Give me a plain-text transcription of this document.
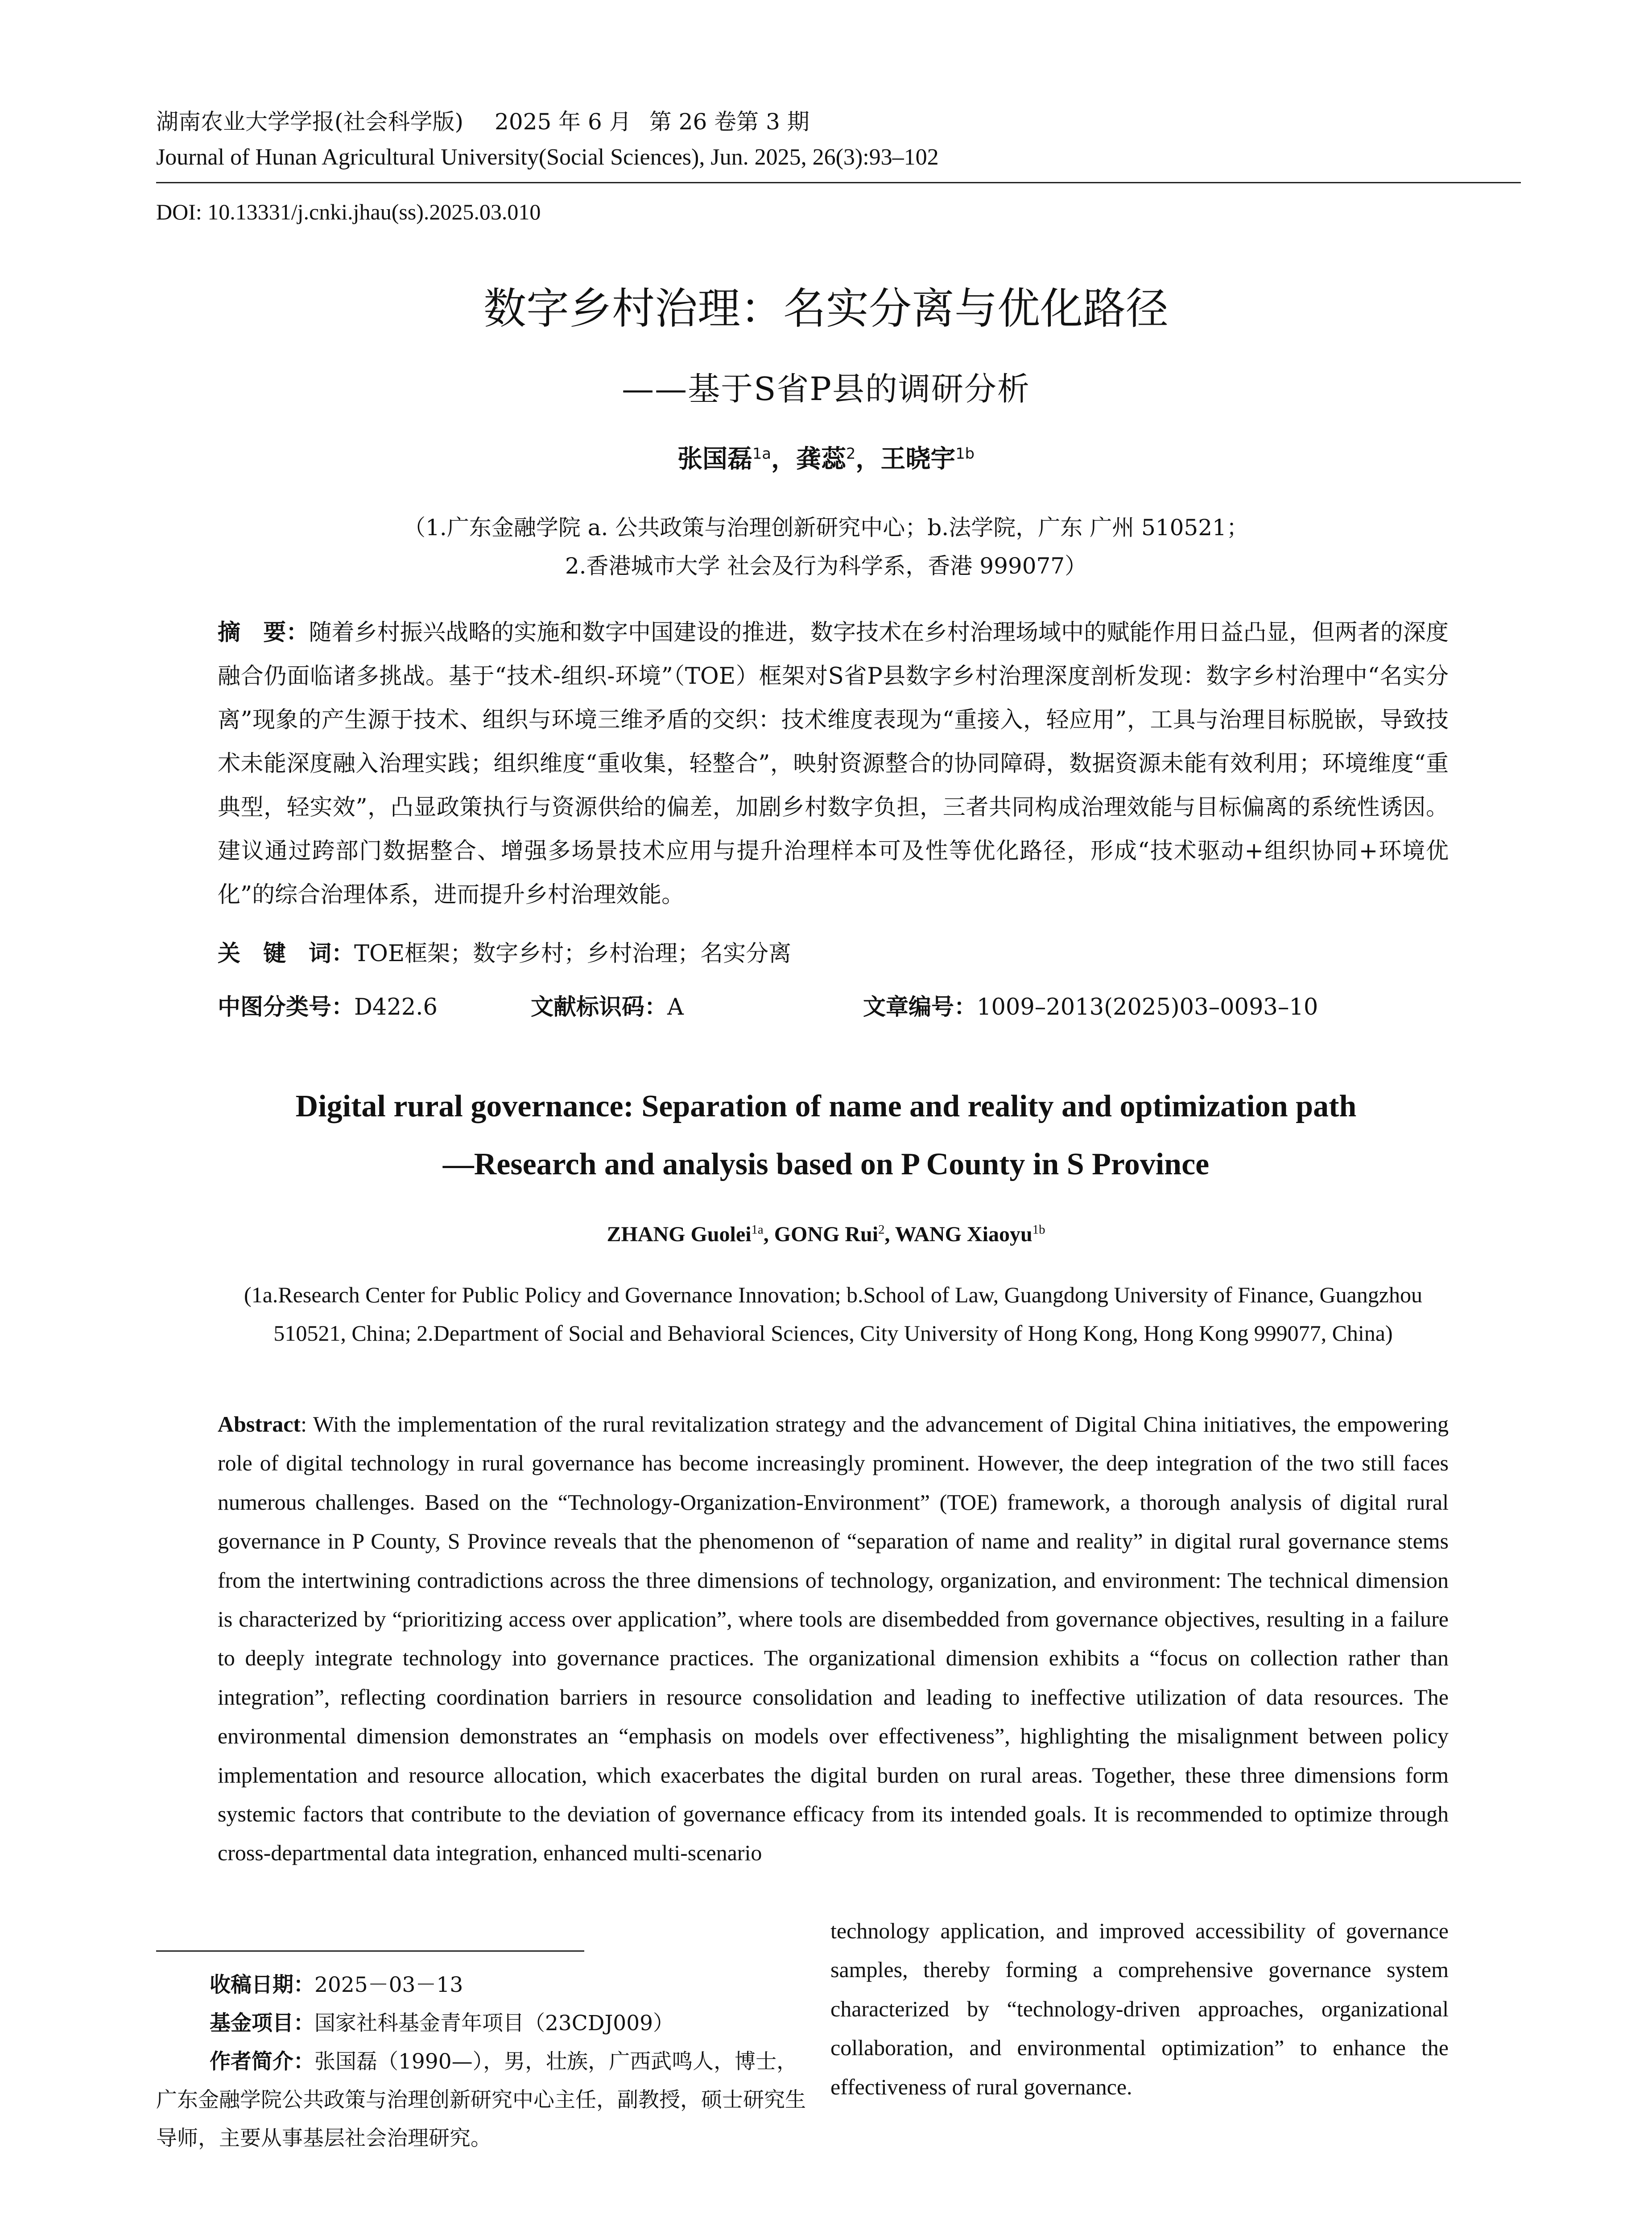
湖南农业大学学报(社会科学版) 2025 年 6 月 第 26 卷第 3 期
Journal of Hunan Agricultural University(Social Sciences), Jun. 2025, 26(3):93–102
DOI: 10.13331/j.cnki.jhau(ss).2025.03.010
数字乡村治理：名实分离与优化路径
——基于S省P县的调研分析
张国磊$^{1a}$，龚蕊$^2$，王晓宇$^{1b}$
（1.广东金融学院 a. 公共政策与治理创新研究中心；b.法学院，广东 广州 510521；
2.香港城市大学 社会及行为科学系，香港 999077）
摘　要：随着乡村振兴战略的实施和数字中国建设的推进，数字技术在乡村治理场域中的赋能作用日益凸显，但两者的深度融合仍面临诸多挑战。基于“技术-组织-环境”（TOE）框架对S省P县数字乡村治理深度剖析发现：数字乡村治理中“名实分离”现象的产生源于技术、组织与环境三维矛盾的交织：技术维度表现为“重接入，轻应用”，工具与治理目标脱嵌，导致技术未能深度融入治理实践；组织维度“重收集，轻整合”，映射资源整合的协同障碍，数据资源未能有效利用；环境维度“重典型，轻实效”，凸显政策执行与资源供给的偏差，加剧乡村数字负担，三者共同构成治理效能与目标偏离的系统性诱因。建议通过跨部门数据整合、增强多场景技术应用与提升治理样本可及性等优化路径，形成“技术驱动+组织协同+环境优化”的综合治理体系，进而提升乡村治理效能。
关　键　词：TOE框架；数字乡村；乡村治理；名实分离
中图分类号：D422.6	文献标识码：A	文章编号：1009–2013(2025)03–0093–10
Digital rural governance: Separation of name and reality and optimization path
—Research and analysis based on P County in S Province
ZHANG Guolei$^{1a}$, GONG Rui$^2$, WANG Xiaoyu$^{1b}$
(1a.Research Center for Public Policy and Governance Innovation; b.School of Law, Guangdong University of Finance, Guangzhou 510521, China; 2.Department of Social and Behavioral Sciences, City University of Hong Kong, Hong Kong 999077, China)
Abstract: With the implementation of the rural revitalization strategy and the advancement of Digital China initiatives, the empowering role of digital technology in rural governance has become increasingly prominent. However, the deep integration of the two still faces numerous challenges. Based on the “Technology-Organization-Environment” (TOE) framework, a thorough analysis of digital rural governance in P County, S Province reveals that the phenomenon of “separation of name and reality” in digital rural governance stems from the intertwining contradictions across the three dimensions of technology, organization, and environment: The technical dimension is characterized by “prioritizing access over application”, where tools are disembedded from governance objectives, resulting in a failure to deeply integrate technology into governance practices. The organizational dimension exhibits a “focus on collection rather than integration”, reflecting coordination barriers in resource consolidation and leading to ineffective utilization of data resources. The environmental dimension demonstrates an “emphasis on models over effectiveness”, highlighting the misalignment between policy implementation and resource allocation, which exacerbates the digital burden on rural areas. Together, these three dimensions form systemic factors that contribute to the deviation of governance efficacy from its intended goals. It is recommended to optimize through cross-departmental data integration, enhanced multi-scenario
technology application, and improved accessibility of governance samples, thereby forming a comprehensive governance system characterized by “technology-driven approaches, organizational collaboration, and environmental optimization” to enhance the effectiveness of rural governance.
收稿日期：2025－03－13
基金项目：国家社科基金青年项目（23CDJ009）
作者简介：张国磊（1990—），男，壮族，广西武鸣人，博士，广东金融学院公共政策与治理创新研究中心主任，副教授，硕士研究生导师，主要从事基层社会治理研究。
